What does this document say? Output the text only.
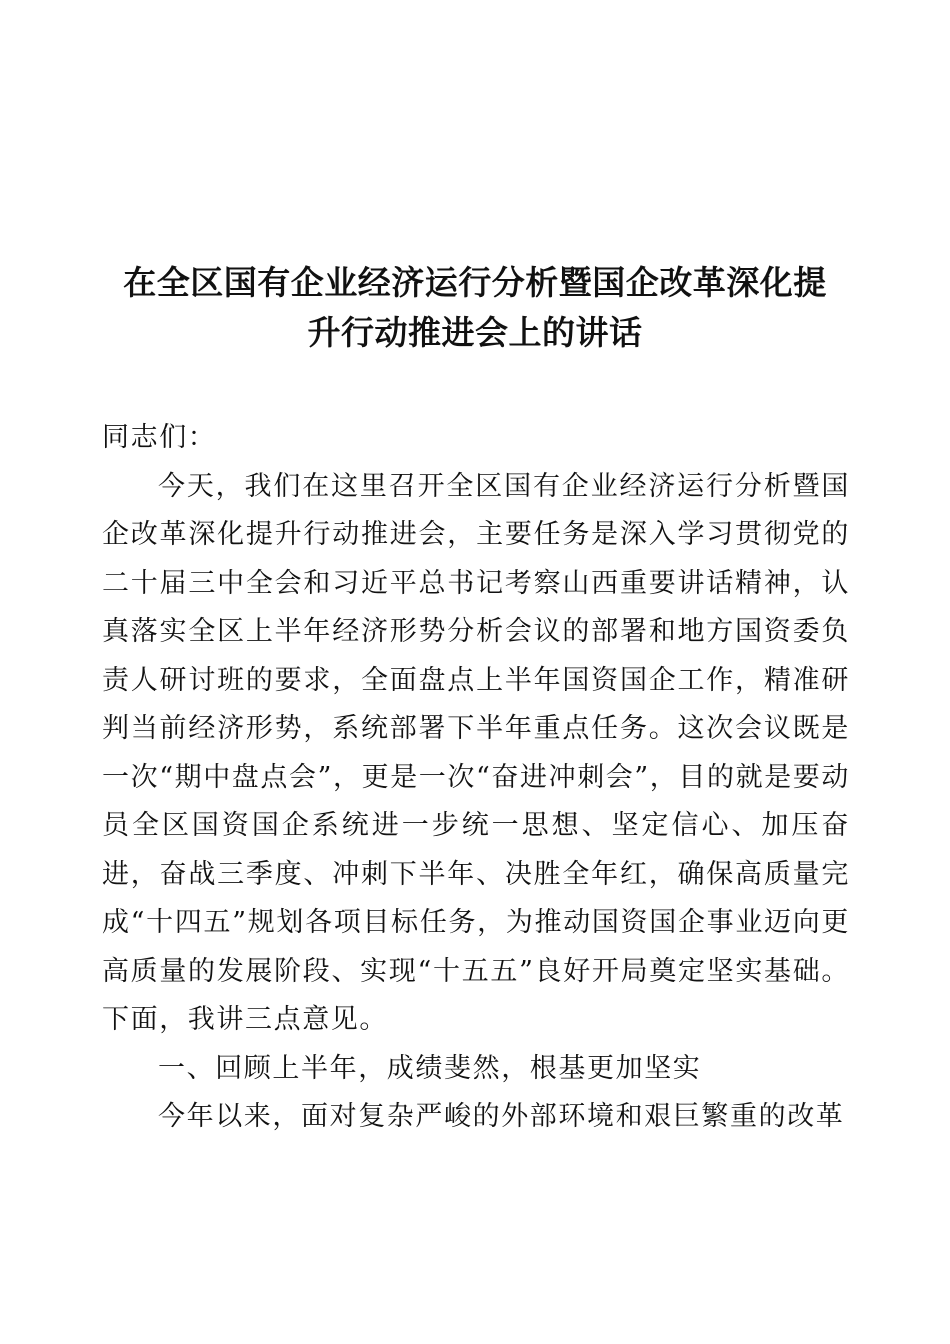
在全区国有企业经济运行分析暨国企改革深化提
升行动推进会上的讲话

同志们：

今天，我们在这里召开全区国有企业经济运行分析暨国企改革深化提升行动推进会，主要任务是深入学习贯彻党的二十届三中全会和习近平总书记考察山西重要讲话精神，认真落实全区上半年经济形势分析会议的部署和地方国资委负责人研讨班的要求，全面盘点上半年国资国企工作，精准研判当前经济形势，系统部署下半年重点任务。这次会议既是一次“期中盘点会”，更是一次“奋进冲刺会”，目的就是要动员全区国资国企系统进一步统一思想、坚定信心、加压奋进，奋战三季度、冲刺下半年、决胜全年红，确保高质量完成“十四五”规划各项目标任务，为推动国资国企事业迈向更高质量的发展阶段、实现“十五五”良好开局奠定坚实基础。下面，我讲三点意见。

一、回顾上半年，成绩斐然，根基更加坚实

今年以来，面对复杂严峻的外部环境和艰巨繁重的改革
